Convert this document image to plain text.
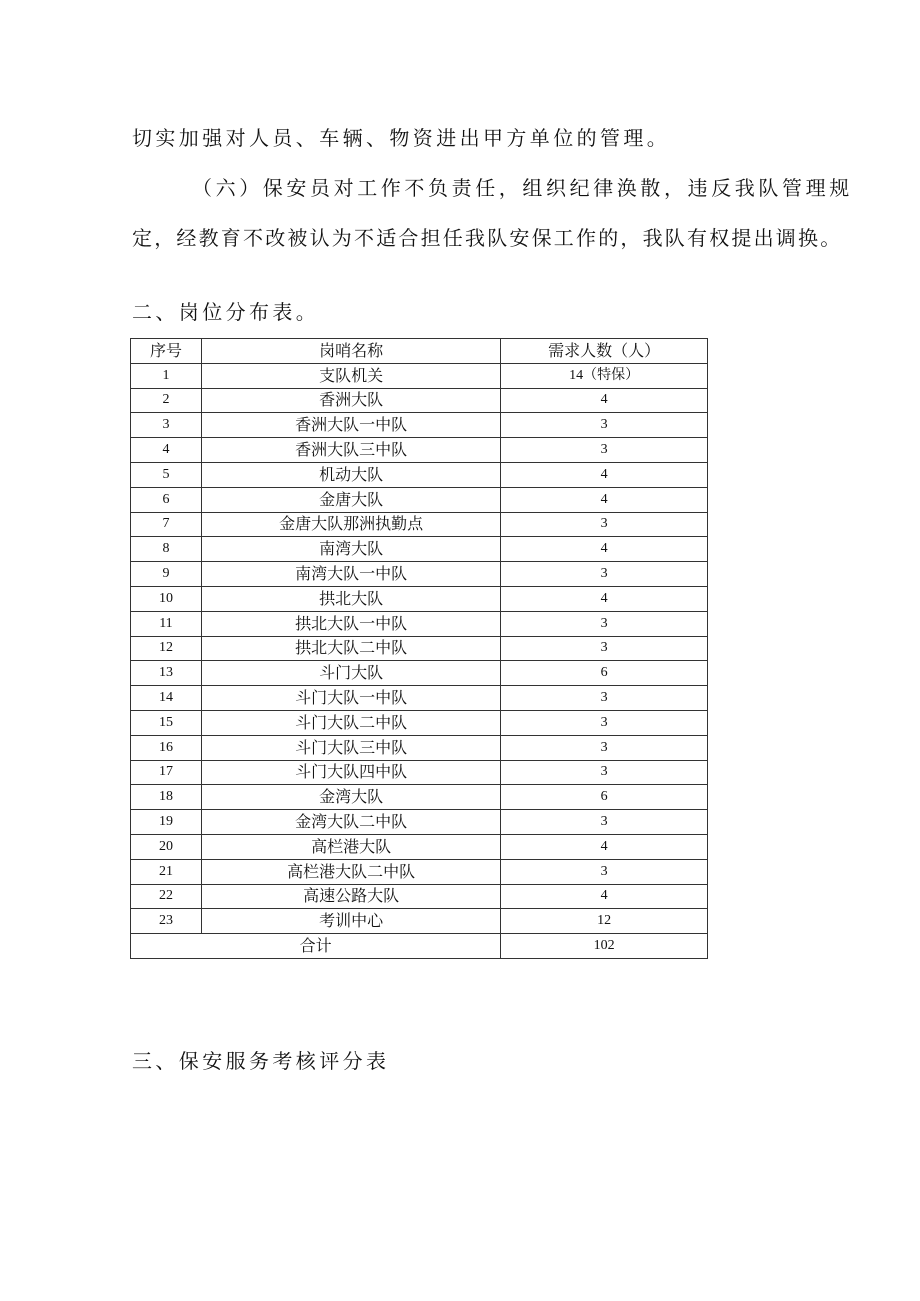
切实加强对人员、车辆、物资进出甲方单位的管理。
（六）保安员对工作不负责任，组织纪律涣散，违反我队管理规
定，经教育不改被认为不适合担任我队安保工作的，我队有权提出调换。
二、岗位分布表。
序号	岗哨名称	需求人数（人）
1	支队机关	14（特保）
2	香洲大队	4
3	香洲大队一中队	3
4	香洲大队三中队	3
5	机动大队	4
6	金唐大队	4
7	金唐大队那洲执勤点	3
8	南湾大队	4
9	南湾大队一中队	3
10	拱北大队	4
11	拱北大队一中队	3
12	拱北大队二中队	3
13	斗门大队	6
14	斗门大队一中队	3
15	斗门大队二中队	3
16	斗门大队三中队	3
17	斗门大队四中队	3
18	金湾大队	6
19	金湾大队二中队	3
20	高栏港大队	4
21	高栏港大队二中队	3
22	高速公路大队	4
23	考训中心	12
合计		102
三、保安服务考核评分表
